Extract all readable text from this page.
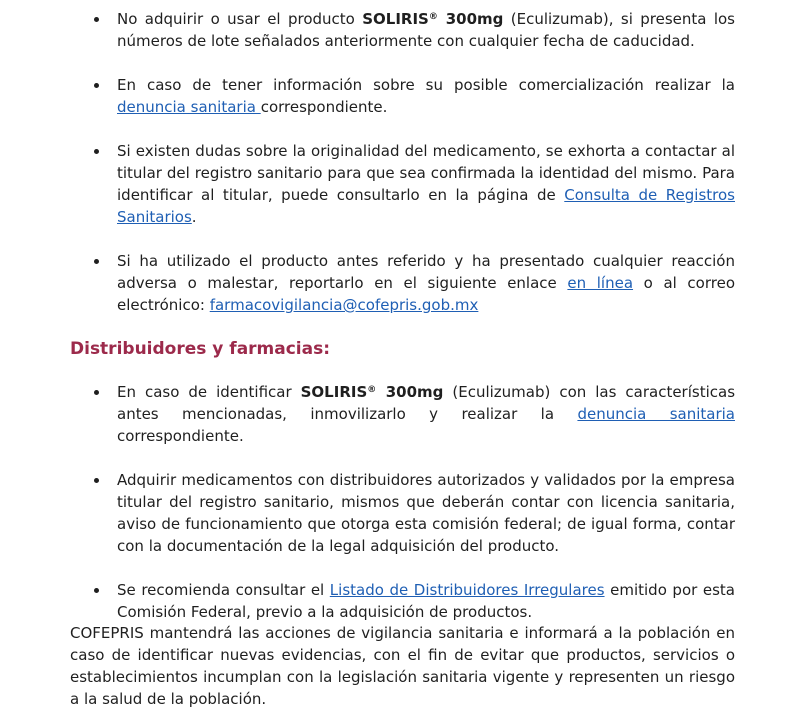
No adquirir o usar el producto SOLIRIS® 300mg (Eculizumab), si presenta los números de lote señalados anteriormente con cualquier fecha de caducidad.
En caso de tener información sobre su posible comercialización realizar la denuncia sanitaria correspondiente.
Si existen dudas sobre la originalidad del medicamento, se exhorta a contactar al titular del registro sanitario para que sea confirmada la identidad del mismo. Para identificar al titular, puede consultarlo en la página de Consulta de Registros Sanitarios.
Si ha utilizado el producto antes referido y ha presentado cualquier reacción adversa o malestar, reportarlo en el siguiente enlace en línea o al correo electrónico: farmacovigilancia@cofepris.gob.mx
Distribuidores y farmacias:
En caso de identificar SOLIRIS® 300mg (Eculizumab) con las características antes mencionadas, inmovilizarlo y realizar la denuncia sanitaria correspondiente.
Adquirir medicamentos con distribuidores autorizados y validados por la empresa titular del registro sanitario, mismos que deberán contar con licencia sanitaria, aviso de funcionamiento que otorga esta comisión federal; de igual forma, contar con la documentación de la legal adquisición del producto.
Se recomienda consultar el Listado de Distribuidores Irregulares emitido por esta Comisión Federal, previo a la adquisición de productos.

COFEPRIS mantendrá las acciones de vigilancia sanitaria e informará a la población en caso de identificar nuevas evidencias, con el fin de evitar que productos, servicios o establecimientos incumplan con la legislación sanitaria vigente y representen un riesgo a la salud de la población.
